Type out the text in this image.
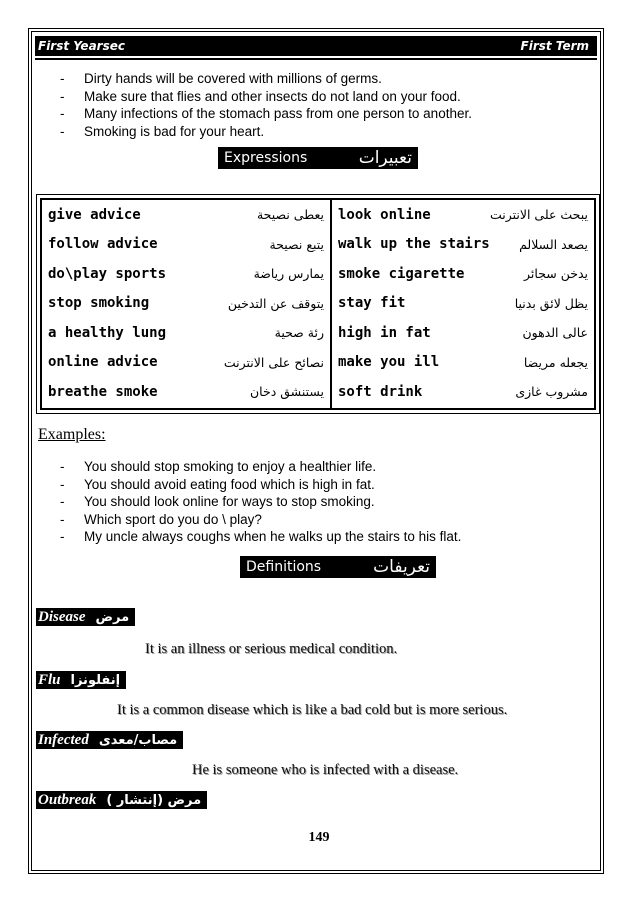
First Yearsec	First Term
- Dirty hands will be covered with millions of germs.
- Make sure that flies and other insects do not land on your food.
- Many infections of the stomach pass from one person to another.
- Smoking is bad for your heart.
Expressions	تعبيرات
give advice	يعطى نصيحة
follow advice	يتبع نصيحة
do\play sports	يمارس رياضة
stop smoking	يتوقف عن التدخين
a healthy lung	رئة صحية
online advice	نصائح على الانترنت
breathe smoke	يستنشق دخان

look online	يبحث على الانترنت
walk up the stairs يصعد السلالم
smoke cigarette	يدخن سجائر
stay fit	يظل لائق بدنيا
high in fat	عالى الدهون
make you ill	يجعله مريضا
soft drink	مشروب غازى
Examples:
- You should stop smoking to enjoy a healthier life.
- You should avoid eating food which is high in fat.
- You should look online for ways to stop smoking.
- Which sport do you do \ play?
- My uncle always coughs when he walks up the stairs to his flat.
Definitions	تعريفات
Disease مرض
It is an illness or serious medical condition.
Flu إنفلونزا
It is a common disease which is like a bad cold but is more serious.
Infected مصاب/معدى
He is someone who is infected with a disease.
Outbreak ( إنتشار) مرض
149
